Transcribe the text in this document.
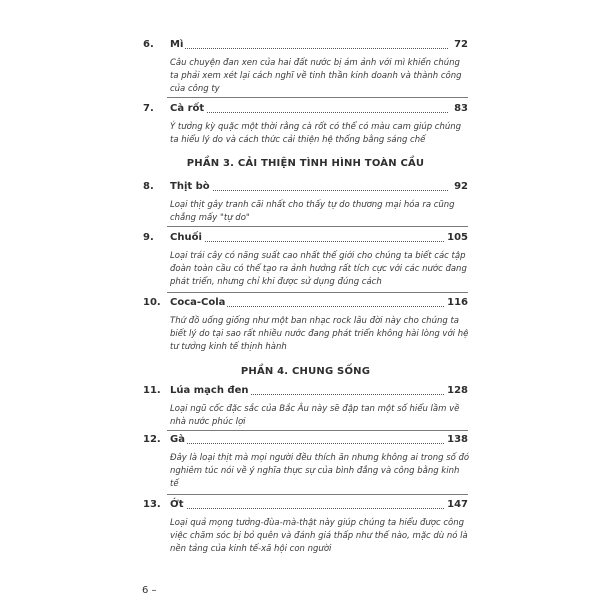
6. Mì	72
Câu chuyện đan xen của hai đất nước bị ám ảnh với mì khiến chúng ta phải xem xét lại cách nghĩ về tinh thần kinh doanh và thành công của công ty
7. Cà rốt	83
Ý tưởng kỳ quặc một thời rằng cà rốt có thể có màu cam giúp chúng ta hiểu lý do và cách thức cải thiện hệ thống bằng sáng chế
PHẦN 3. CẢI THIỆN TÌNH HÌNH TOÀN CẦU
8. Thịt bò	92
Loại thịt gây tranh cãi nhất cho thấy tự do thương mại hóa ra cũng chẳng mấy "tự do"
9. Chuối	105
Loại trái cây có năng suất cao nhất thế giới cho chúng ta biết các tập đoàn toàn cầu có thể tạo ra ảnh hưởng rất tích cực với các nước đang phát triển, nhưng chỉ khi được sử dụng đúng cách
10. Coca-Cola	116
Thứ đồ uống giống như một ban nhạc rock lâu đời này cho chúng ta biết lý do tại sao rất nhiều nước đang phát triển không hài lòng với hệ tư tưởng kinh tế thịnh hành
PHẦN 4. CHUNG SỐNG
11. Lúa mạch đen	128
Loại ngũ cốc đặc sắc của Bắc Âu này sẽ đập tan một số hiểu lầm về nhà nước phúc lợi
12. Gà	138
Đây là loại thịt mà mọi người đều thích ăn nhưng không ai trong số đó nghiêm túc nói về ý nghĩa thực sự của bình đẳng và công bằng kinh tế
13. Ớt	147
Loại quả mọng tưởng-đùa-mà-thật này giúp chúng ta hiểu được công việc chăm sóc bị bỏ quên và đánh giá thấp như thế nào, mặc dù nó là nền tảng của kinh tế-xã hội con người
6 –
